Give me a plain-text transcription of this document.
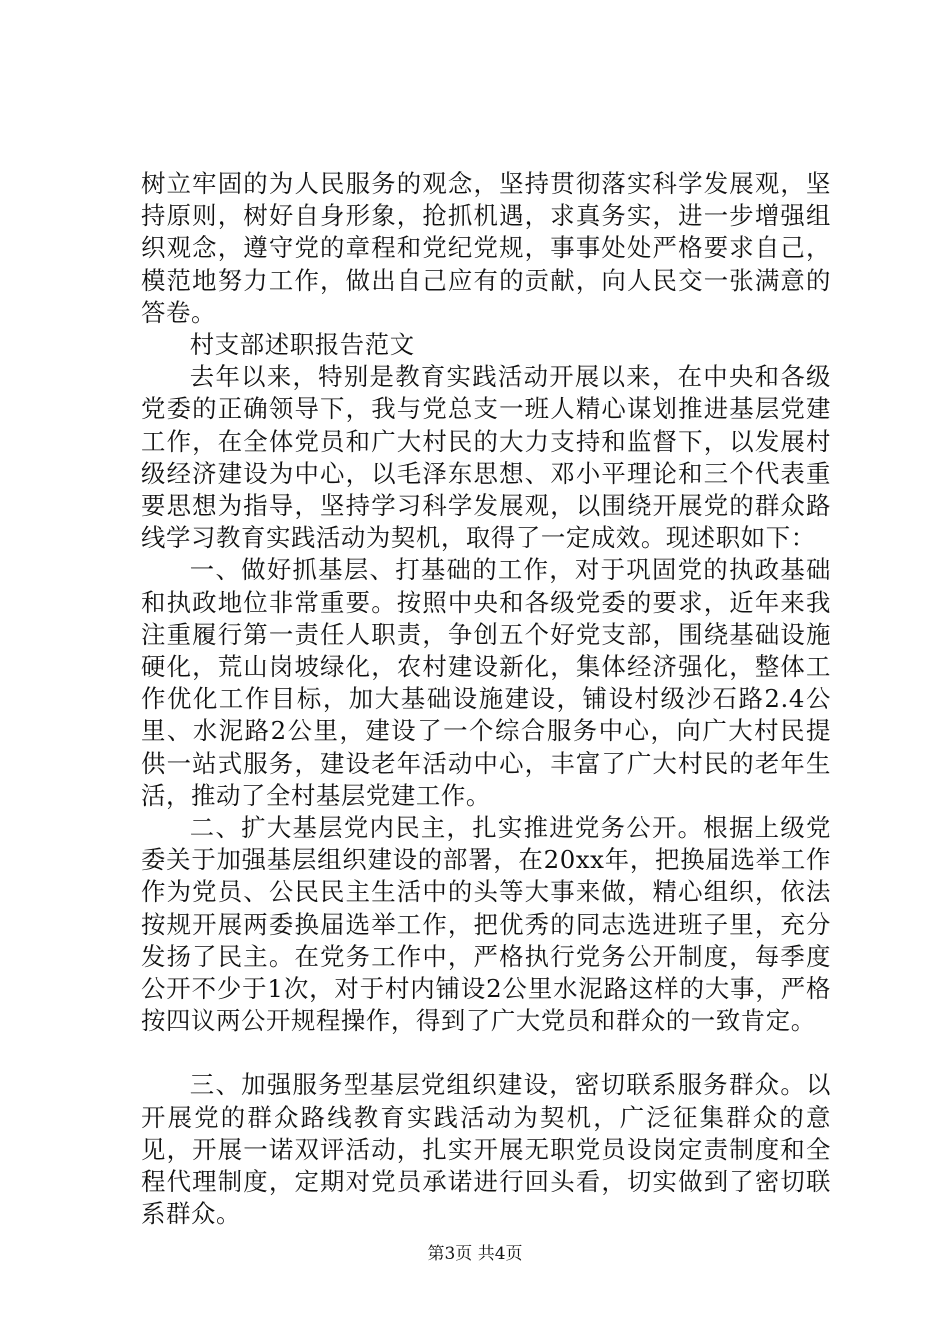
树立牢固的为人民服务的观念，坚持贯彻落实科学发展观，坚持原则，树好自身形象，抢抓机遇，求真务实，进一步增强组织观念，遵守党的章程和党纪党规，事事处处严格要求自己，模范地努力工作，做出自己应有的贡献，向人民交一张满意的答卷。

村支部述职报告范文

去年以来，特别是教育实践活动开展以来，在中央和各级党委的正确领导下，我与党总支一班人精心谋划推进基层党建工作，在全体党员和广大村民的大力支持和监督下，以发展村级经济建设为中心，以毛泽东思想、邓小平理论和三个代表重要思想为指导，坚持学习科学发展观，以围绕开展党的群众路线学习教育实践活动为契机，取得了一定成效。现述职如下：

一、做好抓基层、打基础的工作，对于巩固党的执政基础和执政地位非常重要。按照中央和各级党委的要求，近年来我注重履行第一责任人职责，争创五个好党支部，围绕基础设施硬化，荒山岗坡绿化，农村建设新化，集体经济强化，整体工作优化工作目标，加大基础设施建设，铺设村级沙石路2.4公里、水泥路2公里，建设了一个综合服务中心，向广大村民提供一站式服务，建设老年活动中心，丰富了广大村民的老年生活，推动了全村基层党建工作。

二、扩大基层党内民主，扎实推进党务公开。根据上级党委关于加强基层组织建设的部署，在20xx年，把换届选举工作作为党员、公民民主生活中的头等大事来做，精心组织，依法按规开展两委换届选举工作，把优秀的同志选进班子里，充分发扬了民主。在党务工作中，严格执行党务公开制度，每季度公开不少于1次，对于村内铺设2公里水泥路这样的大事，严格按四议两公开规程操作，得到了广大党员和群众的一致肯定。

三、加强服务型基层党组织建设，密切联系服务群众。以开展党的群众路线教育实践活动为契机，广泛征集群众的意见，开展一诺双评活动，扎实开展无职党员设岗定责制度和全程代理制度，定期对党员承诺进行回头看，切实做到了密切联系群众。

第3页 共4页
